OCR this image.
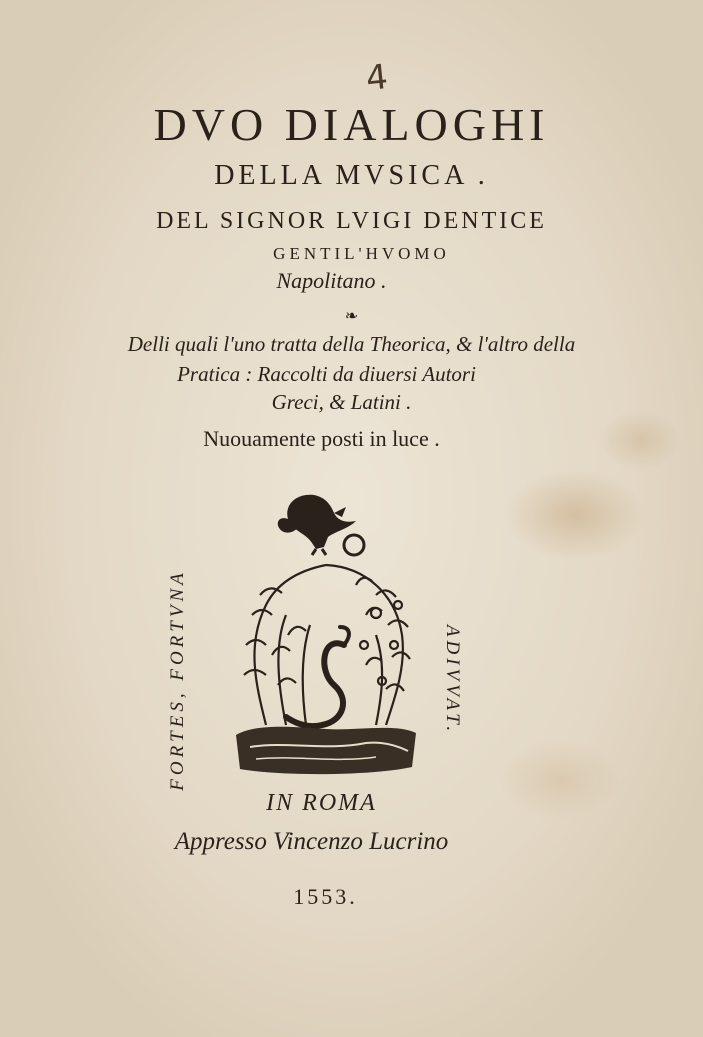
4
DVO DIALOGHI
DELLA MVSICA .
DEL SIGNOR LVIGI DENTICE
GENTIL'HVOMO
Napolitano .
❧
Delli quali l'uno tratta della Theorica, & l'altro della
Pratica : Raccolti da diuersi Autori
Greci, & Latini .
Nuouamente posti in luce .
FORTES, FORTVNA	ADIVVAT.
IN ROMA
Appresso Vincenzo Lucrino
1553.
